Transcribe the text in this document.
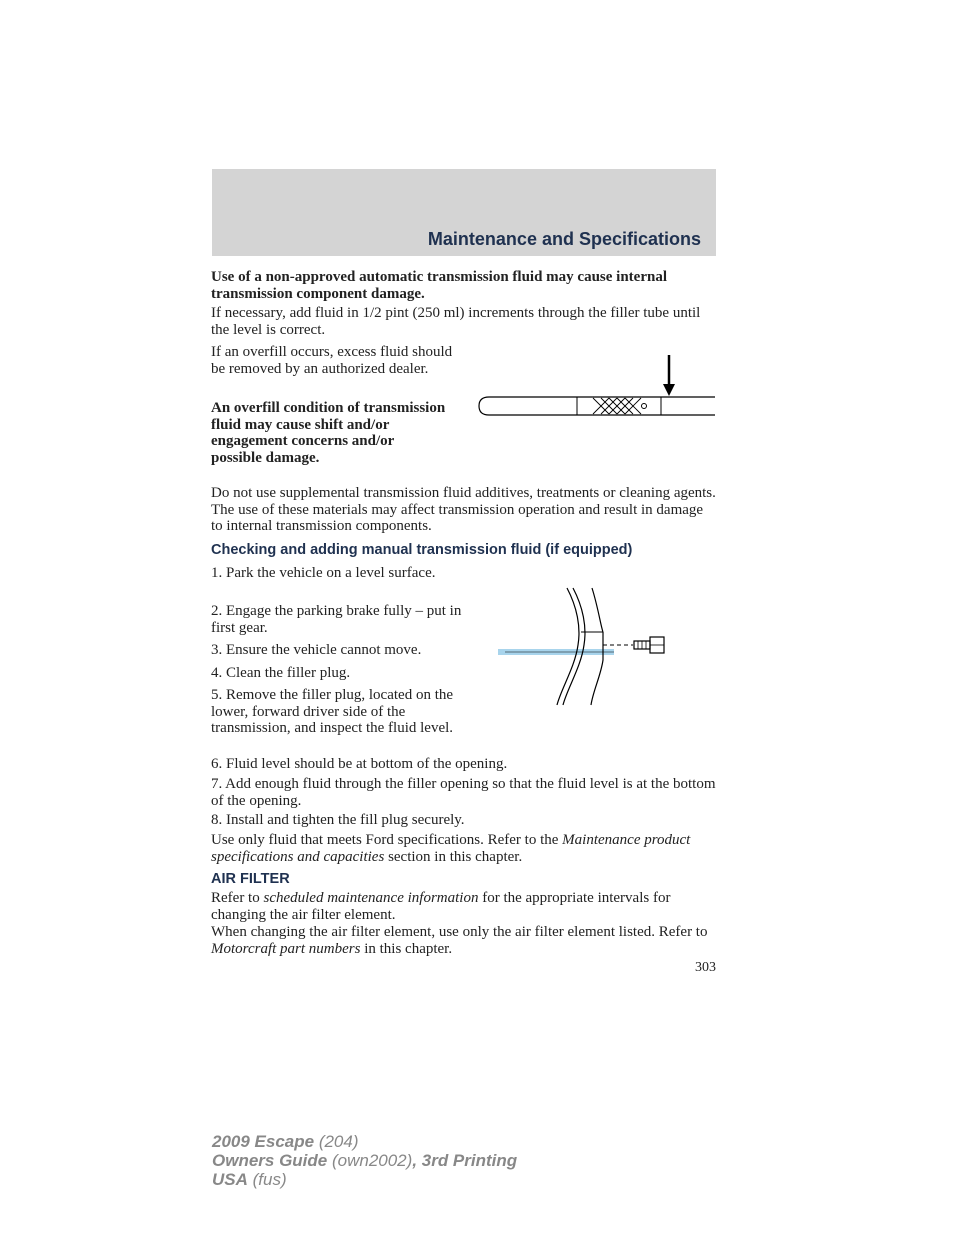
Maintenance and Specifications

Use of a non-approved automatic transmission fluid may cause internal transmission component damage.

If necessary, add fluid in 1/2 pint (250 ml) increments through the filler tube until the level is correct.

If an overfill occurs, excess fluid should be removed by an authorized dealer.

An overfill condition of transmission fluid may cause shift and/or engagement concerns and/or possible damage.

Do not use supplemental transmission fluid additives, treatments or cleaning agents. The use of these materials may affect transmission operation and result in damage to internal transmission components.

Checking and adding manual transmission fluid (if equipped)

1. Park the vehicle on a level surface.

2. Engage the parking brake fully – put in first gear.

3. Ensure the vehicle cannot move.

4. Clean the filler plug.

5. Remove the filler plug, located on the lower, forward driver side of the transmission, and inspect the fluid level.

6. Fluid level should be at bottom of the opening.

7. Add enough fluid through the filler opening so that the fluid level is at the bottom of the opening.

8. Install and tighten the fill plug securely.

Use only fluid that meets Ford specifications. Refer to the Maintenance product specifications and capacities section in this chapter.

AIR FILTER

Refer to scheduled maintenance information for the appropriate intervals for changing the air filter element.

When changing the air filter element, use only the air filter element listed. Refer to Motorcraft part numbers in this chapter.

303
2009 Escape (204)
Owners Guide (own2002), 3rd Printing
USA (fus)
